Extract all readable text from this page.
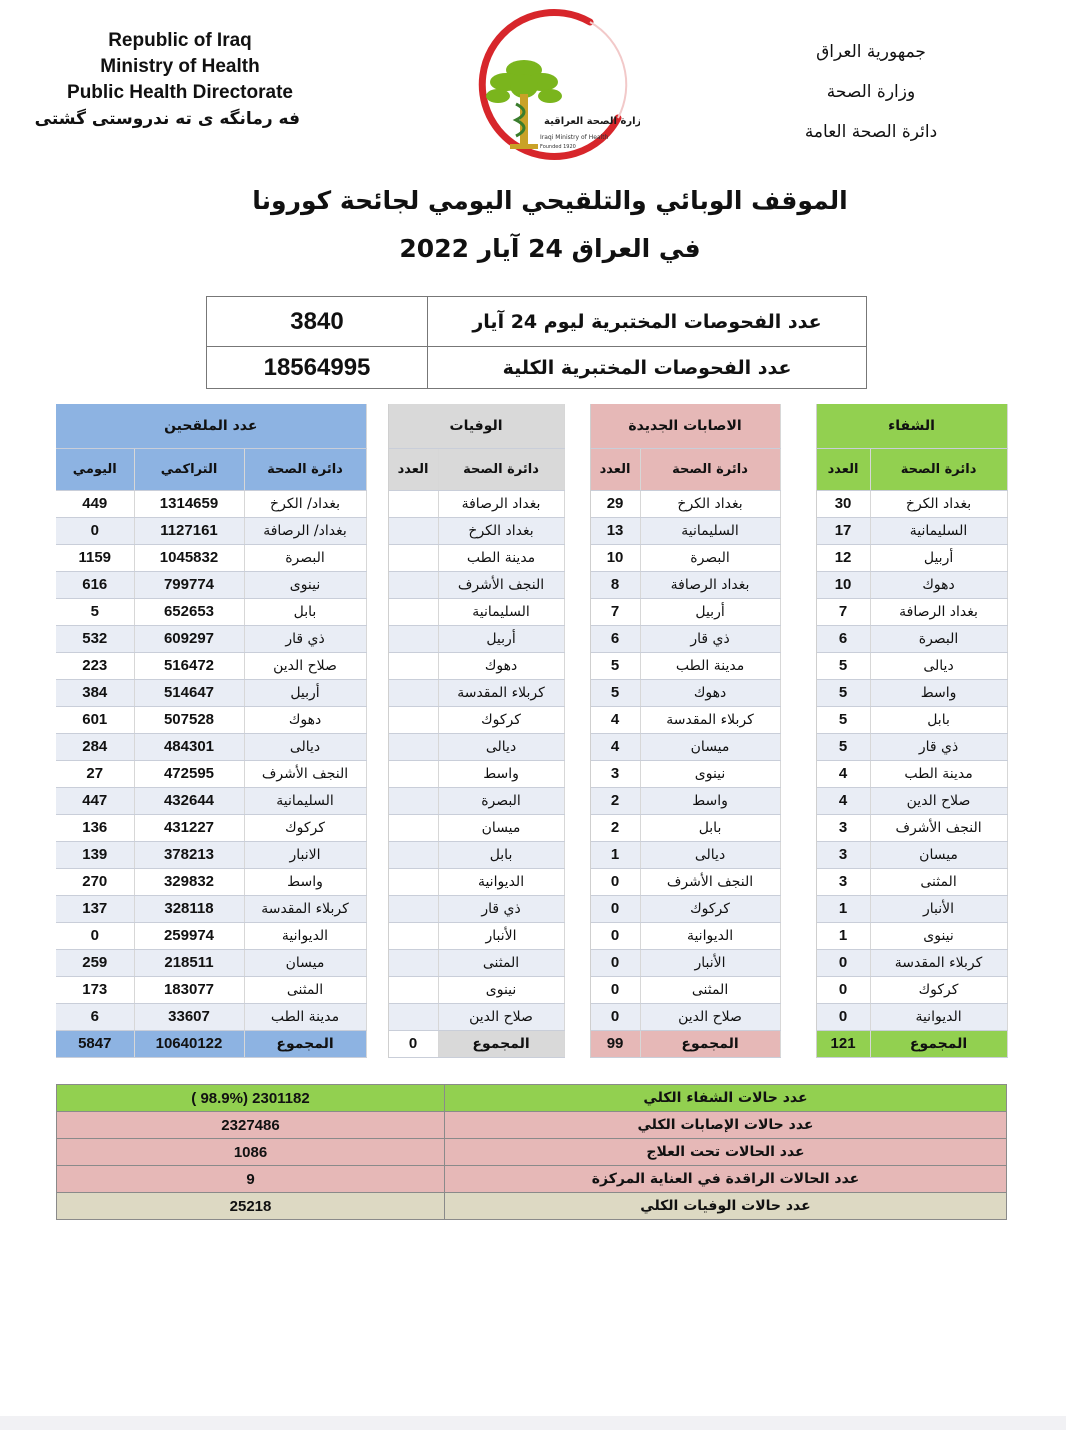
Republic of Iraq
Ministry of Health
Public Health Directorate
فه رمانگه ى ته ندروستى گشتى	وزارة الصحة العراقية
Iraqi Ministry of Health
Founded 1920
جمهورية العراق
وزارة الصحة
دائرة الصحة العامة
الموقف الوبائي والتلقيحي اليومي لجائحة كورونا
في العراق 24 آيار 2022
3840	عدد الفحوصات المختبرية ليوم 24 آيار
18564995	عدد الفحوصات المختبرية الكلية
عدد الملقحين				الوفيات			الاصابات الجديدة			الشفاء	
اليومي	التراكمي	دائرة الصحة		العدد	دائرة الصحة		العدد	دائرة الصحة		العدد	دائرة الصحة
449	1314659	بغداد/ الكرخ			بغداد الرصافة		29	بغداد الكرخ		30	بغداد الكرخ
0	1127161	بغداد/ الرصافة			بغداد الكرخ		13	السليمانية		17	السليمانية
1159	1045832	البصرة			مدينة الطب		10	البصرة		12	أربيل
616	799774	نينوى			النجف الأشرف		8	بغداد الرصافة		10	دهوك
5	652653	بابل			السليمانية		7	أربيل		7	بغداد الرصافة
532	609297	ذي قار			أربيل		6	ذي قار		6	البصرة
223	516472	صلاح الدين			دهوك		5	مدينة الطب		5	ديالى
384	514647	أربيل			كربلاء المقدسة		5	دهوك		5	واسط
601	507528	دهوك			كركوك		4	كربلاء المقدسة		5	بابل
284	484301	ديالى			ديالى		4	ميسان		5	ذي قار
27	472595	النجف الأشرف			واسط		3	نينوى		4	مدينة الطب
447	432644	السليمانية			البصرة		2	واسط		4	صلاح الدين
136	431227	كركوك			ميسان		2	بابل		3	النجف الأشرف
139	378213	الانبار			بابل		1	ديالى		3	ميسان
270	329832	واسط			الديوانية		0	النجف الأشرف		3	المثنى
137	328118	كربلاء المقدسة			ذي قار		0	كركوك		1	الأنبار
0	259974	الديوانية			الأنبار		0	الديوانية		1	نينوى
259	218511	ميسان			المثنى		0	الأنبار		0	كربلاء المقدسة
173	183077	المثنى			نينوى		0	المثنى		0	كركوك
6	33607	مدينة الطب			صلاح الدين		0	صلاح الدين		0	الديوانية
5847	10640122	المجموع		0	المجموع		99	المجموع		121	المجموع
( 98.9%) 2301182	عدد حالات الشفاء الكلي
2327486	عدد حالات الإصابات الكلي
1086	عدد الحالات تحت العلاج
9	عدد الحالات الراقدة في العناية المركزة
25218	عدد حالات الوفيات الكلي
